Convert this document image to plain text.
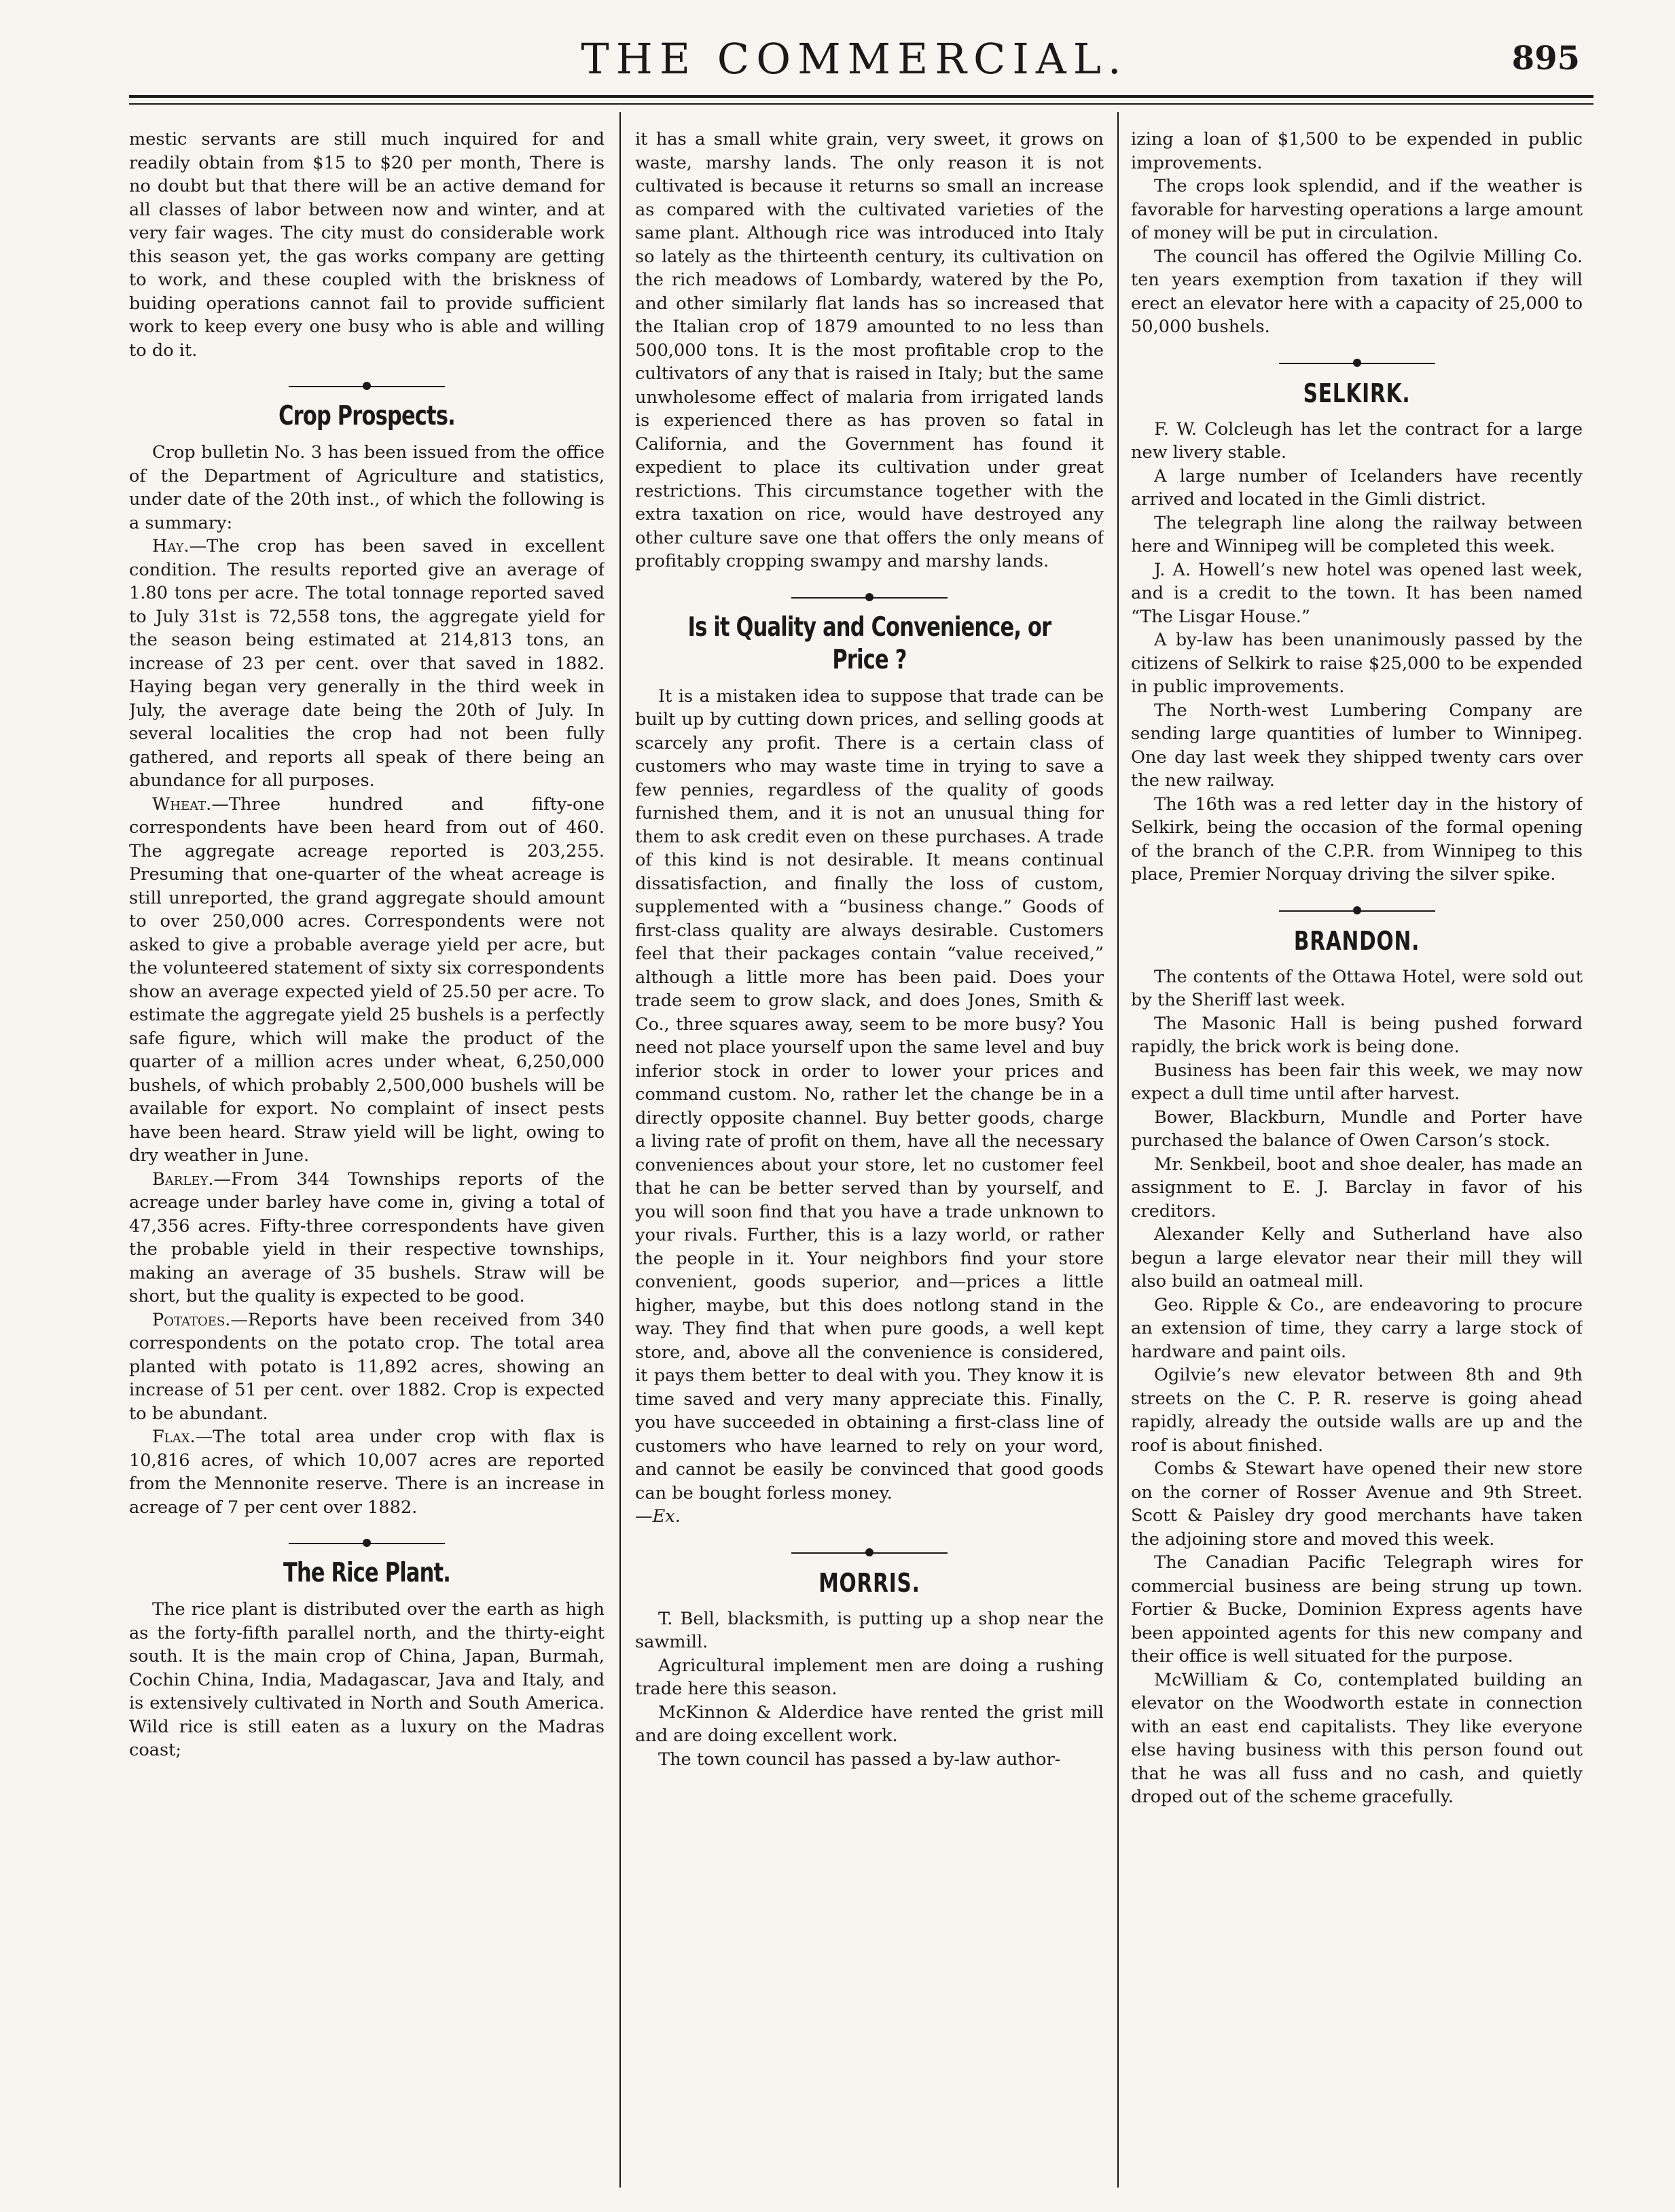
THE COMMERCIAL.	895

mestic servants are still much inquired for and readily obtain from $15 to $20 per month, There is no doubt but that there will be an active demand for all classes of labor between now and winter, and at very fair wages. The city must do considerable work this season yet, the gas works company are getting to work, and these coupled with the briskness of buiding operations cannot fail to provide sufficient work to keep every one busy who is able and willing to do it.

Crop Prospects.

Crop bulletin No. 3 has been issued from the office of the Department of Agriculture and statistics, under date of the 20th inst., of which the following is a summary:

Hay.—The crop has been saved in excellent condition. The results reported give an average of 1.80 tons per acre. The total tonnage reported saved to July 31st is 72,558 tons, the aggregate yield for the season being estimated at 214,813 tons, an increase of 23 per cent. over that saved in 1882. Haying began very generally in the third week in July, the average date being the 20th of July. In several localities the crop had not been fully gathered, and reports all speak of there being an abundance for all purposes.

Wheat.—Three hundred and fifty-one correspondents have been heard from out of 460. The aggregate acreage reported is 203,255. Presuming that one-quarter of the wheat acreage is still unreported, the grand aggregate should amount to over 250,000 acres. Correspondents were not asked to give a probable average yield per acre, but the volunteered statement of sixty six correspondents show an average expected yield of 25.50 per acre. To estimate the aggregate yield 25 bushels is a perfectly safe figure, which will make the product of the quarter of a million acres under wheat, 6,250,000 bushels, of which probably 2,500,000 bushels will be available for export. No complaint of insect pests have been heard. Straw yield will be light, owing to dry weather in June.

Barley.—From 344 Townships reports of the acreage under barley have come in, giving a total of 47,356 acres. Fifty-three correspondents have given the probable yield in their respective townships, making an average of 35 bushels. Straw will be short, but the quality is expected to be good.

Potatoes.—Reports have been received from 340 correspondents on the potato crop. The total area planted with potato is 11,892 acres, showing an increase of 51 per cent. over 1882. Crop is expected to be abundant.

Flax.—The total area under crop with flax is 10,816 acres, of which 10,007 acres are reported from the Mennonite reserve. There is an increase in acreage of 7 per cent over 1882.

The Rice Plant.

The rice plant is distributed over the earth as high as the forty-fifth parallel north, and the thirty-eight south. It is the main crop of China, Japan, Burmah, Cochin China, India, Madagascar, Java and Italy, and is extensively cultivated in North and South America. Wild rice is still eaten as a luxury on the Madras coast;

it has a small white grain, very sweet, it grows on waste, marshy lands. The only reason it is not cultivated is because it returns so small an increase as compared with the cultivated varieties of the same plant. Although rice was introduced into Italy so lately as the thirteenth century, its cultivation on the rich meadows of Lombardy, watered by the Po, and other similarly flat lands has so increased that the Italian crop of 1879 amounted to no less than 500,000 tons. It is the most profitable crop to the cultivators of any that is raised in Italy; but the same unwholesome effect of malaria from irrigated lands is experienced there as has proven so fatal in California, and the Government has found it expedient to place its cultivation under great restrictions. This circumstance together with the extra taxation on rice, would have destroyed any other culture save one that offers the only means of profitably cropping swampy and marshy lands.

Is it Quality and Convenience, or Price ?

It is a mistaken idea to suppose that trade can be built up by cutting down prices, and selling goods at scarcely any profit. There is a certain class of customers who may waste time in trying to save a few pennies, regardless of the quality of goods furnished them, and it is not an unusual thing for them to ask credit even on these purchases. A trade of this kind is not desirable. It means continual dissatisfaction, and finally the loss of custom, supplemented with a “business change.” Goods of first-class quality are always desirable. Customers feel that their packages contain “value received,” although a little more has been paid. Does your trade seem to grow slack, and does Jones, Smith & Co., three squares away, seem to be more busy? You need not place yourself upon the same level and buy inferior stock in order to lower your prices and command custom. No, rather let the change be in a directly opposite channel. Buy better goods, charge a living rate of profit on them, have all the necessary conveniences about your store, let no customer feel that he can be better served than by yourself, and you will soon find that you have a trade unknown to your rivals. Further, this is a lazy world, or rather the people in it. Your neighbors find your store convenient, goods superior, and—prices a little higher, maybe, but this does notlong stand in the way. They find that when pure goods, a well kept store, and, above all the convenience is considered, it pays them better to deal with you. They know it is time saved and very many appreciate this. Finally, you have succeeded in obtaining a first-class line of customers who have learned to rely on your word, and cannot be easily be convinced that good goods can be bought forless money.
—Ex.

MORRIS.

T. Bell, blacksmith, is putting up a shop near the sawmill.

Agricultural implement men are doing a rushing trade here this season.

McKinnon & Alderdice have rented the grist mill and are doing excellent work.

The town council has passed a by-law author-

izing a loan of $1,500 to be expended in public improvements.

The crops look splendid, and if the weather is favorable for harvesting operations a large amount of money will be put in circulation.

The council has offered the Ogilvie Milling Co. ten years exemption from taxation if they will erect an elevator here with a capacity of 25,000 to 50,000 bushels.

SELKIRK.

F. W. Colcleugh has let the contract for a large new livery stable.

A large number of Icelanders have recently arrived and located in the Gimli district.

The telegraph line along the railway between here and Winnipeg will be completed this week.

J. A. Howell’s new hotel was opened last week, and is a credit to the town. It has been named “The Lisgar House.”

A by-law has been unanimously passed by the citizens of Selkirk to raise $25,000 to be expended in public improvements.

The North-west Lumbering Company are sending large quantities of lumber to Winnipeg. One day last week they shipped twenty cars over the new railway.

The 16th was a red letter day in the history of Selkirk, being the occasion of the formal opening of the branch of the C.P.R. from Winnipeg to this place, Premier Norquay driving the silver spike.

BRANDON.

The contents of the Ottawa Hotel, were sold out by the Sheriff last week.

The Masonic Hall is being pushed forward rapidly, the brick work is being done.

Business has been fair this week, we may now expect a dull time until after harvest.

Bower, Blackburn, Mundle and Porter have purchased the balance of Owen Carson’s stock.

Mr. Senkbeil, boot and shoe dealer, has made an assignment to E. J. Barclay in favor of his creditors.

Alexander Kelly and Sutherland have also begun a large elevator near their mill they will also build an oatmeal mill.

Geo. Ripple & Co., are endeavoring to procure an extension of time, they carry a large stock of hardware and paint oils.

Ogilvie’s new elevator between 8th and 9th streets on the C. P. R. reserve is going ahead rapidly, already the outside walls are up and the roof is about finished.

Combs & Stewart have opened their new store on the corner of Rosser Avenue and 9th Street. Scott & Paisley dry good merchants have taken the adjoining store and moved this week.

The Canadian Pacific Telegraph wires for commercial business are being strung up town. Fortier & Bucke, Dominion Express agents have been appointed agents for this new company and their office is well situated for the purpose.

McWilliam & Co, contemplated building an elevator on the Woodworth estate in connection with an east end capitalists. They like everyone else having business with this person found out that he was all fuss and no cash, and quietly droped out of the scheme gracefully.
